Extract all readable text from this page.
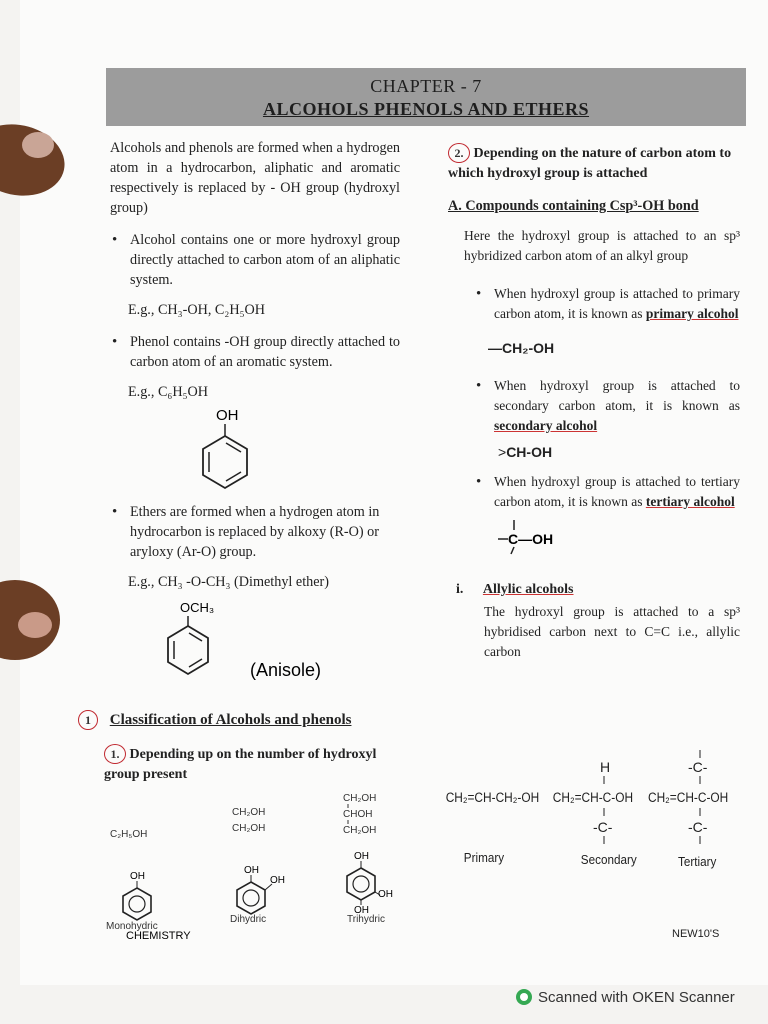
CHAPTER - 7
ALCOHOLS PHENOLS AND ETHERS

Alcohols and phenols are formed when a hydrogen atom in a hydrocarbon, aliphatic and aromatic respectively is replaced by - OH group (hydroxyl group)

• Alcohol contains one or more hydroxyl group directly attached to carbon atom of an aliphatic system.

E.g., CH₃-OH, C₂H₅OH

• Phenol contains -OH group directly attached to carbon atom of an aromatic system.

E.g., C₆H₅OH

OH

• Ethers are formed when a hydrogen atom in hydrocarbon is replaced by alkoxy (R-O) or aryloxy (Ar-O) group.

E.g., CH₃ -O-CH₃ (Dimethyl ether)

OCH₃
(Anisole)
1 Classification of Alcohols and phenols
1. Depending up on the number of hydroxyl group present
C₂H₅OH
CH₂OH
CH₂OH
CH₂OH
CHOH
CH₂OH
OH
OH
OH
OH
OH
OH
Monohydric
Dihydric	Trihydric
CHEMISTRY
2. Depending on the nature of carbon atom to which hydroxyl group is attached

A. Compounds containing Csp³-OH bond

Here the hydroxyl group is attached to an sp³ hybridized carbon atom of an alkyl group

• When hydroxyl group is attached to primary carbon atom, it is known as primary alcohol

—CH₂-OH

• When hydroxyl group is attached to secondary carbon atom, it is known as secondary alcohol

>CH-OH

• When hydroxyl group is attached to tertiary carbon atom, it is known as tertiary alcohol
C—OH
i. Allylic alcohols

The hydroxyl group is attached to a sp³ hybridised carbon next to C=C i.e., allylic carbon

CH₂=CH-CH₂-OH CH₂=CH-C-OH CH₂=CH-C-OH
H
-C-
-C-
-C-
Primary	Secondary	Tertiary
NEW10'S
Scanned with OKEN Scanner
